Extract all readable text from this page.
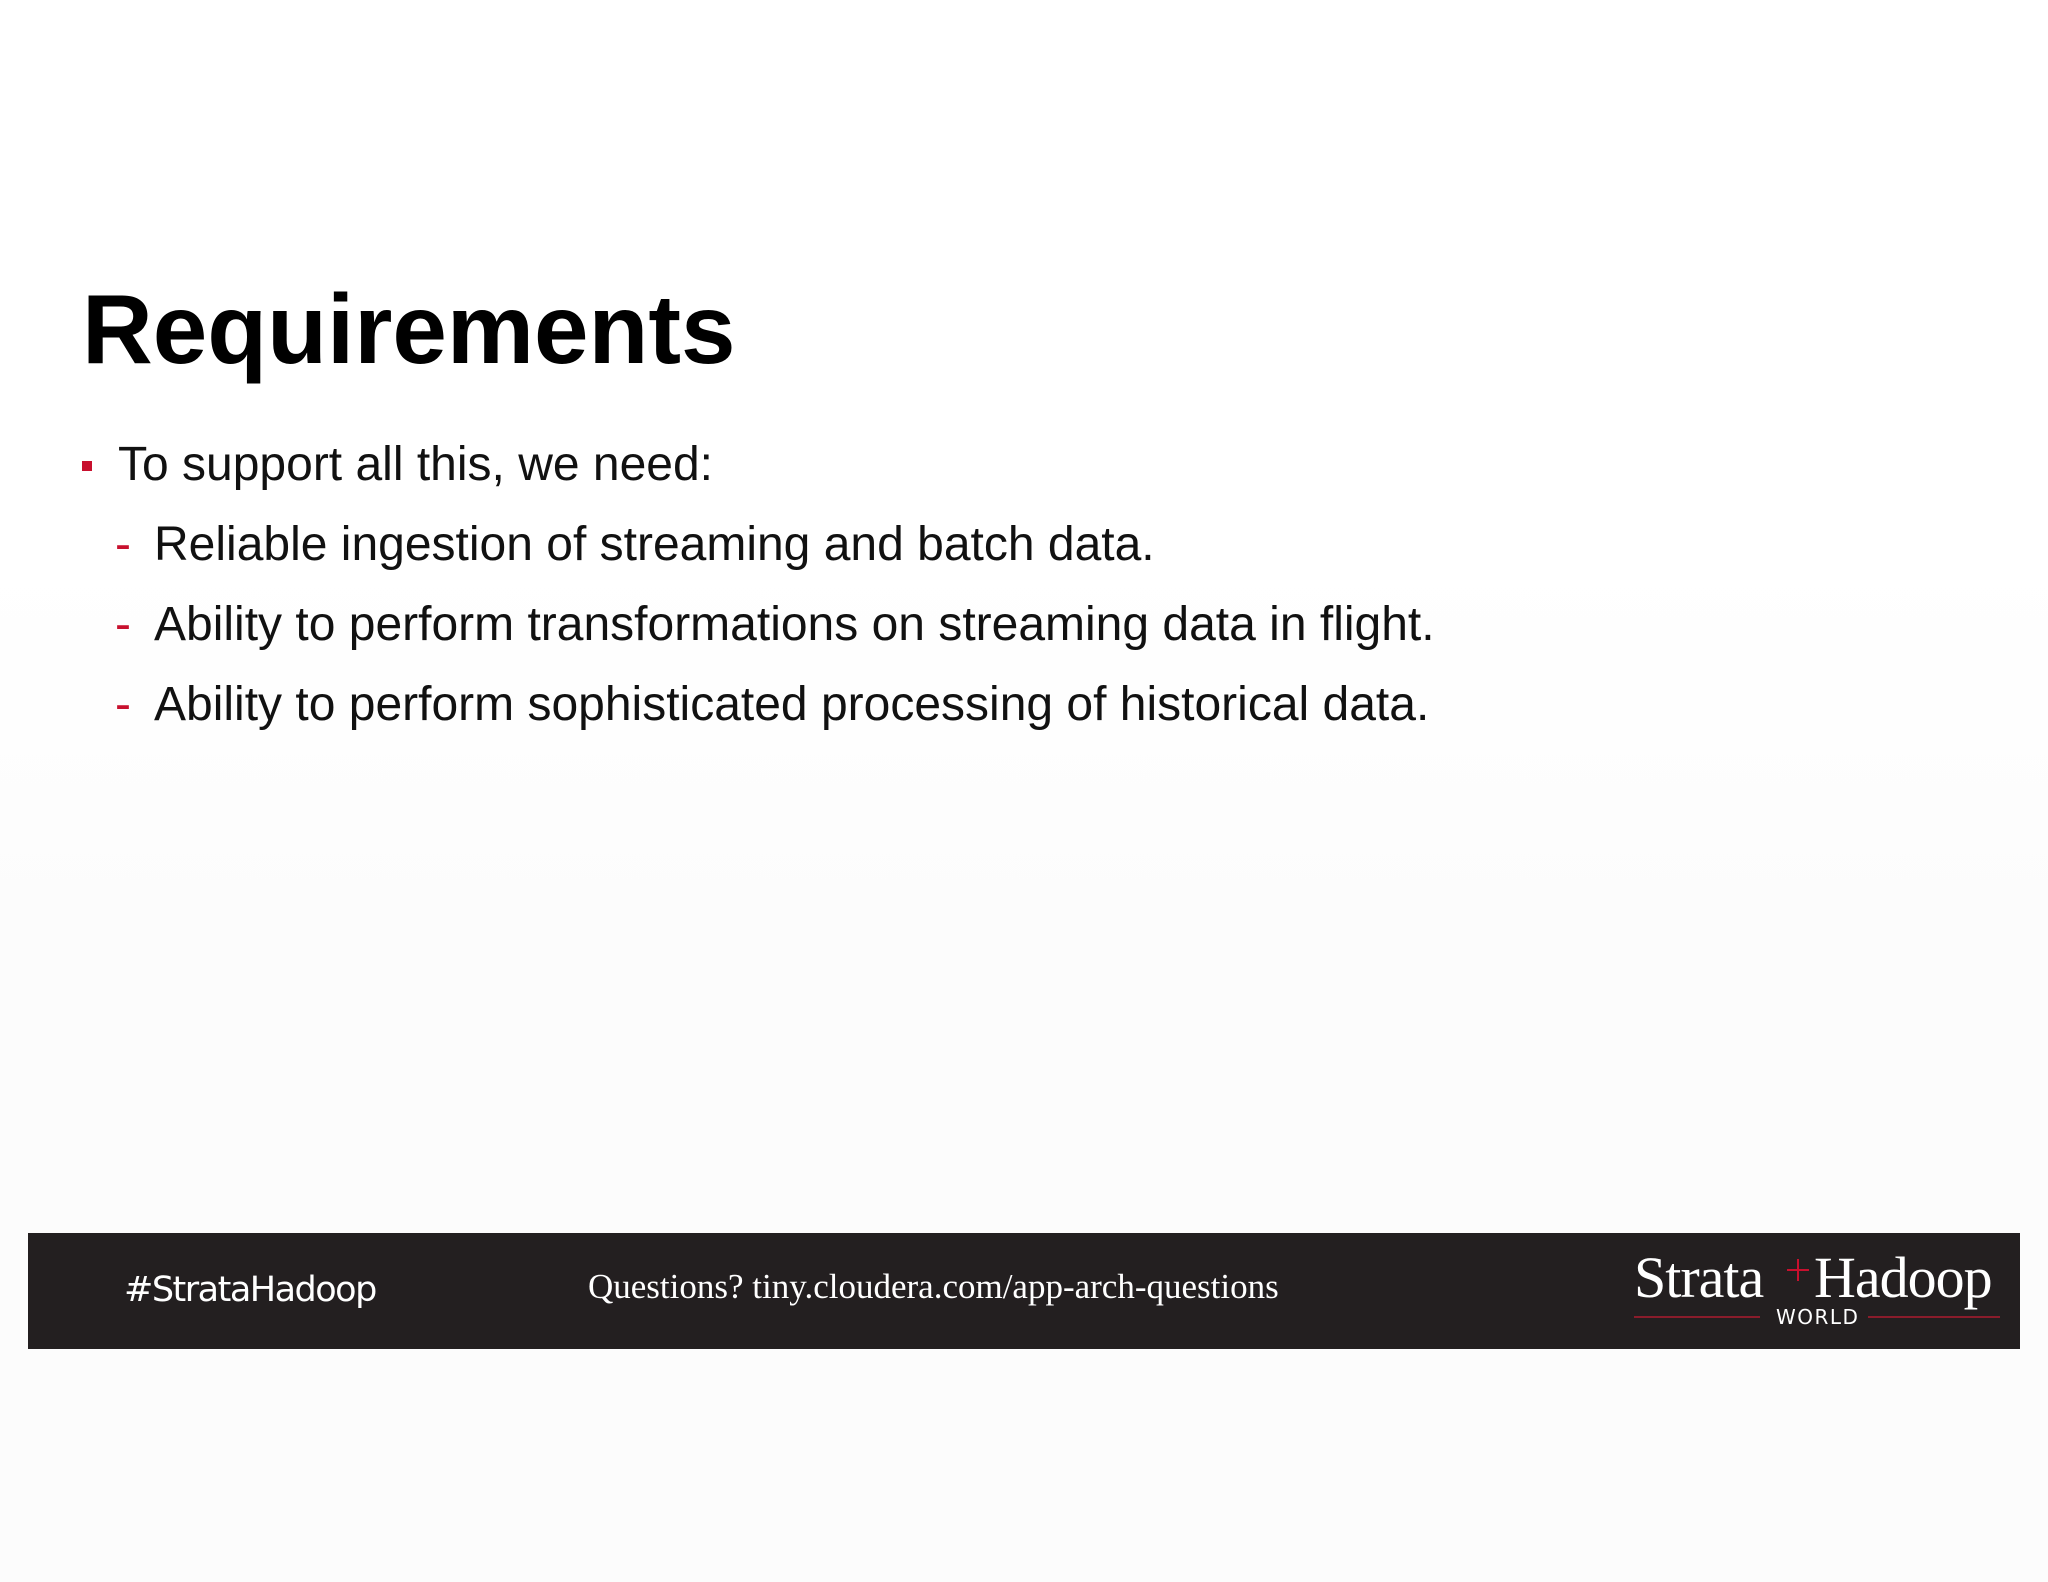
Requirements
To support all this, we need:
- Reliable ingestion of streaming and batch data.
- Ability to perform transformations on streaming data in flight.
- Ability to perform sophisticated processing of historical data.
#StrataHadoop	Questions? tiny.cloudera.com/app-arch-questions	Strata Hadoop
WORLD
